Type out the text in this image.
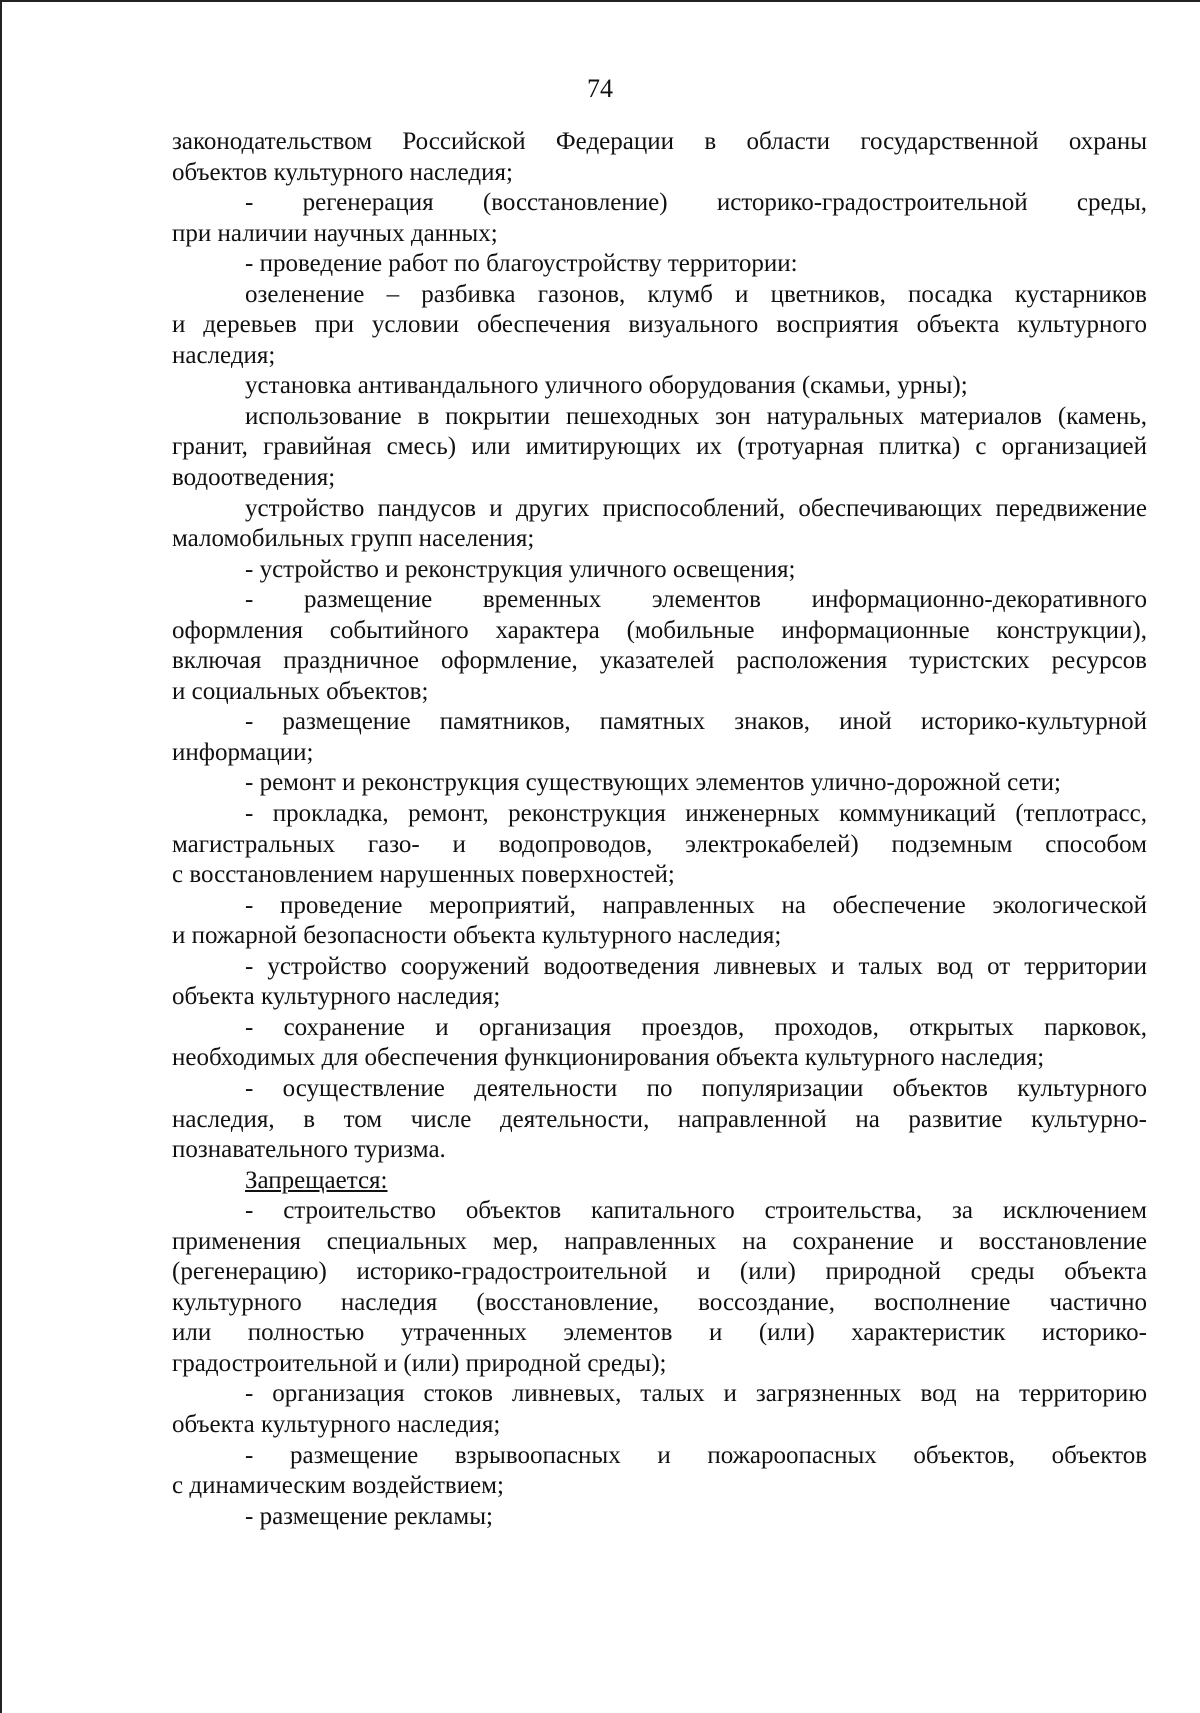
74
законодательством Российской Федерации в области государственной охраны
объектов культурного наследия;
- регенерация (восстановление) историко-градостроительной среды,
при наличии научных данных;
- проведение работ по благоустройству территории:
озеленение – разбивка газонов, клумб и цветников, посадка кустарников
и деревьев при условии обеспечения визуального восприятия объекта культурного
наследия;
установка антивандального уличного оборудования (скамьи, урны);
использование в покрытии пешеходных зон натуральных материалов (камень,
гранит, гравийная смесь) или имитирующих их (тротуарная плитка) с организацией
водоотведения;
устройство пандусов и других приспособлений, обеспечивающих передвижение
маломобильных групп населения;
- устройство и реконструкция уличного освещения;
- размещение временных элементов информационно-декоративного
оформления событийного характера (мобильные информационные конструкции),
включая праздничное оформление, указателей расположения туристских ресурсов
и социальных объектов;
- размещение памятников, памятных знаков, иной историко-культурной
информации;
- ремонт и реконструкция существующих элементов улично-дорожной сети;
- прокладка, ремонт, реконструкция инженерных коммуникаций (теплотрасс,
магистральных газо- и водопроводов, электрокабелей) подземным способом
с восстановлением нарушенных поверхностей;
- проведение мероприятий, направленных на обеспечение экологической
и пожарной безопасности объекта культурного наследия;
- устройство сооружений водоотведения ливневых и талых вод от территории
объекта культурного наследия;
- сохранение и организация проездов, проходов, открытых парковок,
необходимых для обеспечения функционирования объекта культурного наследия;
- осуществление деятельности по популяризации объектов культурного
наследия, в том числе деятельности, направленной на развитие культурно-
познавательного туризма.
Запрещается:
- строительство объектов капитального строительства, за исключением
применения специальных мер, направленных на сохранение и восстановление
(регенерацию) историко-градостроительной и (или) природной среды объекта
культурного наследия (восстановление, воссоздание, восполнение частично
или полностью утраченных элементов и (или) характеристик историко-
градостроительной и (или) природной среды);
- организация стоков ливневых, талых и загрязненных вод на территорию
объекта культурного наследия;
- размещение взрывоопасных и пожароопасных объектов, объектов
с динамическим воздействием;
- размещение рекламы;
